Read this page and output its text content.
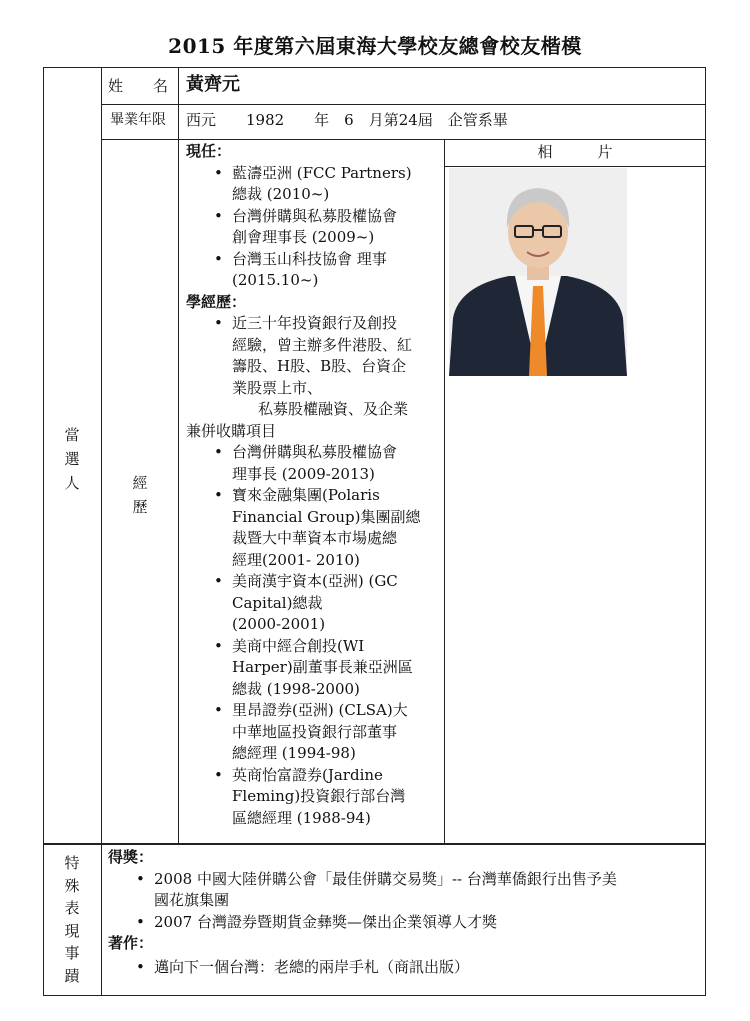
2015 年度第六屆東海大學校友總會校友楷模
當
選
人
姓　　名 黃齊元
畢業年限 西元　　1982　　年　6　月第24屆　企管系畢
經
歷
相　　　片
現任：
• 藍濤亞洲 (FCC Partners)
總裁 (2010~)
• 台灣併購與私募股權協會
創會理事長 (2009~)
• 台灣玉山科技協會 理事
(2015.10~)
學經歷：
• 近三十年投資銀行及創投
經驗，曾主辦多件港股、紅
籌股、H股、B股、台資企
業股票上市、
私募股權融資、及企業
兼併收購項目
• 台灣併購與私募股權協會
理事長 (2009-2013)
• 寶來金融集團(Polaris
Financial Group)集團副總
裁暨大中華資本市場處總
經理(2001- 2010)
• 美商漢宇資本(亞洲) (GC
Capital)總裁
(2000-2001)
• 美商中經合創投(WI
Harper)副董事長兼亞洲區
總裁 (1998-2000)
• 里昂證券(亞洲) (CLSA)大
中華地區投資銀行部董事
總經理 (1994-98)
• 英商怡富證券(Jardine
Fleming)投資銀行部台灣
區總經理 (1988-94)
特
殊
表
現
事
蹟
得獎：
• 2008 中國大陸併購公會「最佳併購交易獎」-- 台灣華僑銀行出售予美
國花旗集團
• 2007 台灣證券暨期貨金彝獎—傑出企業領導人才獎
著作：
• 邁向下一個台灣：老總的兩岸手札（商訊出版）
